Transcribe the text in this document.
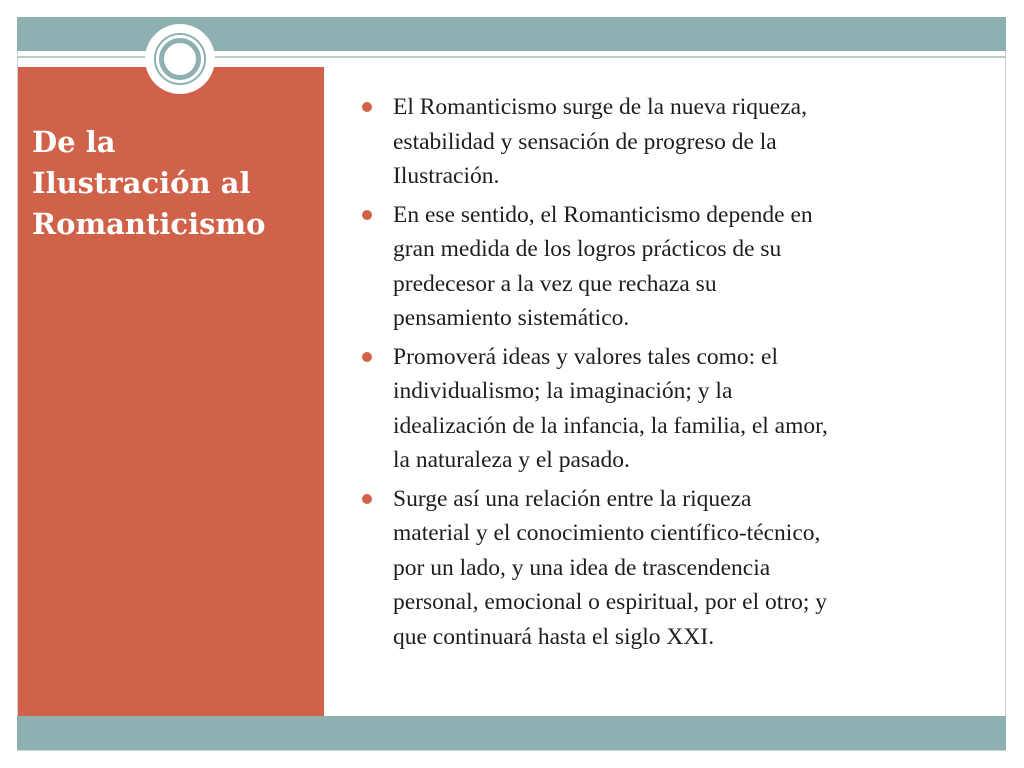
De la
Ilustración al
Romanticismo
El Romanticismo surge de la nueva riqueza,
estabilidad y sensación de progreso de la
Ilustración.
En ese sentido, el Romanticismo depende en
gran medida de los logros prácticos de su
predecesor a la vez que rechaza su
pensamiento sistemático.
Promoverá ideas y valores tales como: el
individualismo; la imaginación; y la
idealización de la infancia, la familia, el amor,
la naturaleza y el pasado.
Surge así una relación entre la riqueza
material y el conocimiento científico-técnico,
por un lado, y una idea de trascendencia
personal, emocional o espiritual, por el otro; y
que continuará hasta el siglo XXI.
